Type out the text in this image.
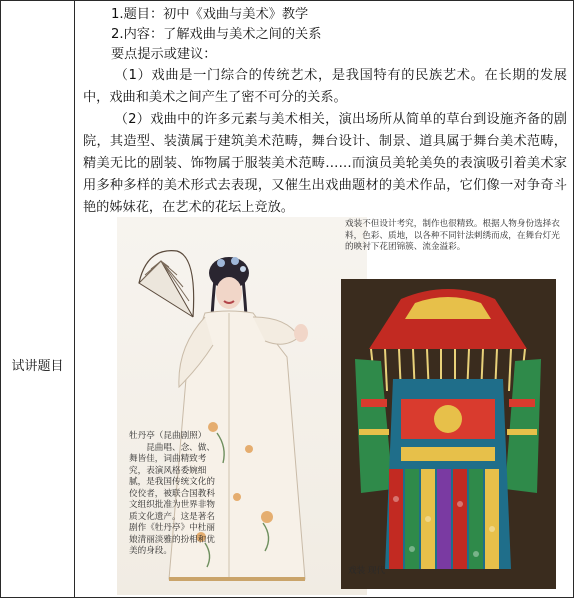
试讲题目
1.题目：初中《戏曲与美术》教学
2.内容：了解戏曲与美术之间的关系
要点提示或建议：
（1）戏曲是一门综合的传统艺术，是我国特有的民族艺术。在长期的发展中，戏曲和美术之间产生了密不可分的关系。
（2）戏曲中的许多元素与美术相关，演出场所从简单的草台到设施齐备的剧院，其造型、装潢属于建筑美术范畴，舞台设计、制景、道具属于舞台美术范畴，精美无比的剧装、饰物属于服装美术范畴……而演员美轮美奂的表演吸引着美术家用多种多样的美术形式去表现，又催生出戏曲题材的美术作品，它们像一对争奇斗艳的姊妹花，在艺术的花坛上竞放。
戏装不但设计考究，制作也很精致。根据人物身份选择衣料，色彩、质地，以各种不同针法刺绣而成，在舞台灯光的映衬下花团锦簇、流金溢彩。
牡丹亭（昆曲剧照）
昆曲唱、念、做、舞皆佳，词曲精致考究，表演风格委婉细腻，是我国传统文化的佼佼者，被联合国教科文组织批准为世界非物质文化遗产。这是著名剧作《牡丹亭》中杜丽娘清丽淡雅的扮相和优美的身段。
戏装 现代
